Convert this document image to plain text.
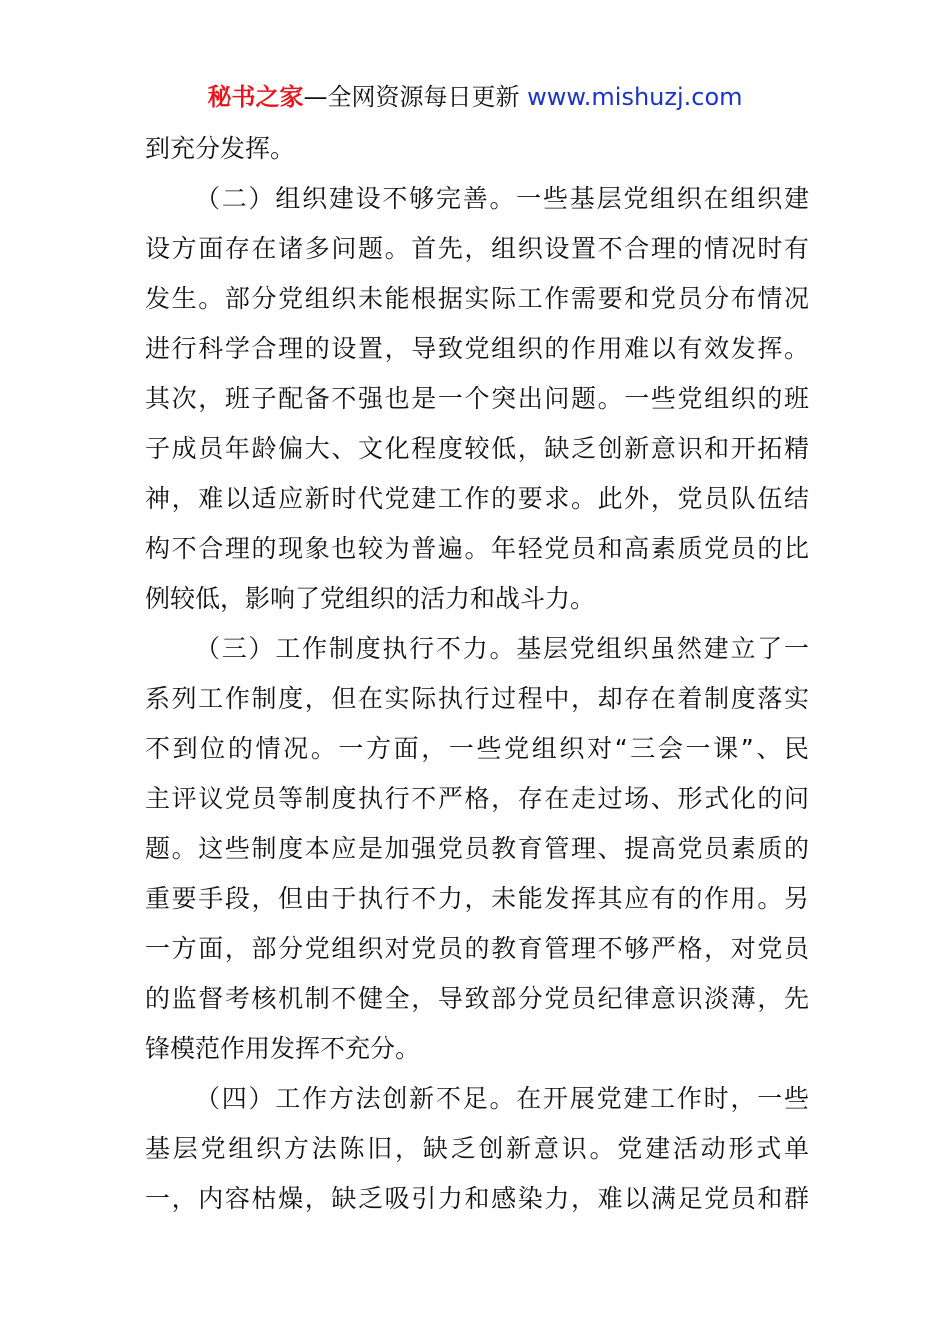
秘书之家—全网资源每日更新 www.mishuzj.com
到充分发挥。
（二）组织建设不够完善。一些基层党组织在组织建
设方面存在诸多问题。首先，组织设置不合理的情况时有
发生。部分党组织未能根据实际工作需要和党员分布情况
进行科学合理的设置，导致党组织的作用难以有效发挥。
其次，班子配备不强也是一个突出问题。一些党组织的班
子成员年龄偏大、文化程度较低，缺乏创新意识和开拓精
神，难以适应新时代党建工作的要求。此外，党员队伍结
构不合理的现象也较为普遍。年轻党员和高素质党员的比
例较低，影响了党组织的活力和战斗力。
（三）工作制度执行不力。基层党组织虽然建立了一
系列工作制度，但在实际执行过程中，却存在着制度落实
不到位的情况。一方面，一些党组织对“三会一课”、民
主评议党员等制度执行不严格，存在走过场、形式化的问
题。这些制度本应是加强党员教育管理、提高党员素质的
重要手段，但由于执行不力，未能发挥其应有的作用。另
一方面，部分党组织对党员的教育管理不够严格，对党员
的监督考核机制不健全，导致部分党员纪律意识淡薄，先
锋模范作用发挥不充分。
（四）工作方法创新不足。在开展党建工作时，一些
基层党组织方法陈旧，缺乏创新意识。党建活动形式单
一，内容枯燥，缺乏吸引力和感染力，难以满足党员和群
